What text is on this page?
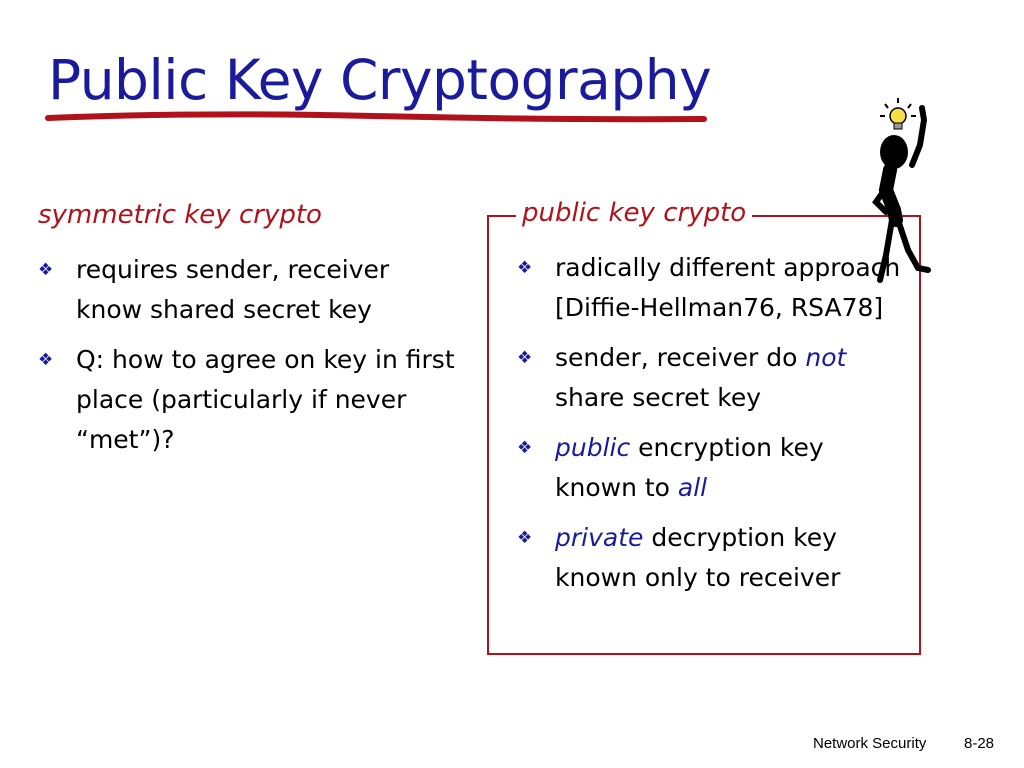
Public Key Cryptography
symmetric key crypto
❖ requires sender, receiver know shared secret key
❖ Q: how to agree on key in first place (particularly if never “met”)?
public key crypto
❖ radically different approach [Diffie-Hellman76, RSA78]
❖ sender, receiver do not share secret key
❖ public encryption key known to all
❖ private decryption key known only to receiver
Network Security	8-28
